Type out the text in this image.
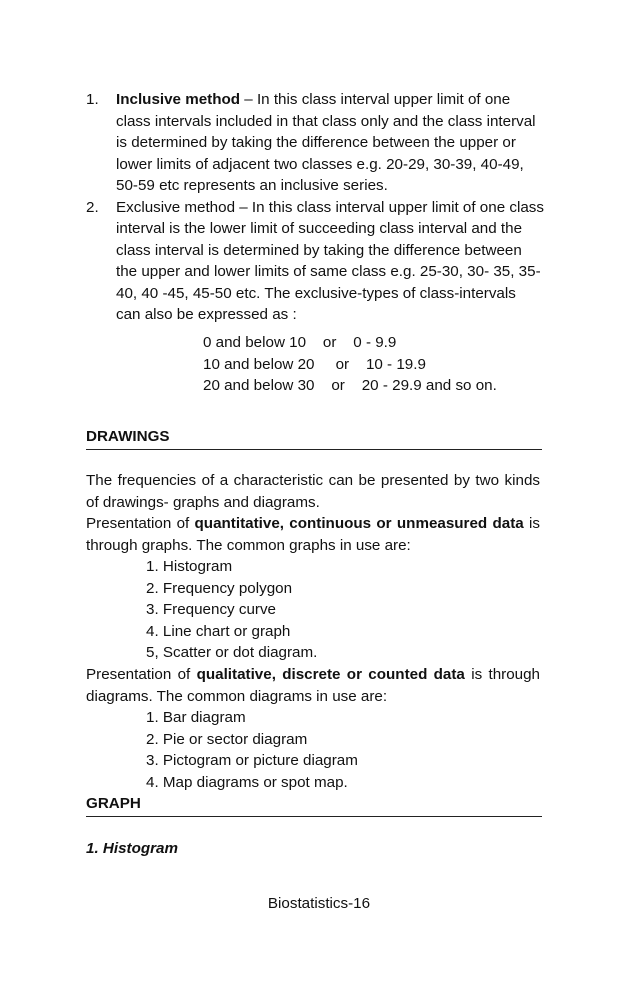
1.	Inclusive method – In this class interval upper limit of one class intervals included in that class only and the class interval is determined by taking the difference between the upper or lower limits of adjacent two classes e.g. 20-29, 30-39, 40-49, 50-59 etc represents an inclusive series.
2.	Exclusive method – In this class interval upper limit of one class interval is the lower limit of succeeding class interval and the class interval is determined by taking the difference between the upper and lower limits of same class e.g. 25-30, 30- 35, 35-40, 40 -45, 45-50 etc. The exclusive-types of class-intervals can also be expressed as :
0 and below 10    or    0 - 9.9
10 and below 20     or    10 - 19.9
20 and below 30    or    20 - 29.9 and so on.
DRAWINGS
The frequencies of a characteristic can be presented by two kinds of drawings- graphs and diagrams.
Presentation of quantitative, continuous or unmeasured data is through graphs. The common graphs in use are:
1. Histogram
2. Frequency polygon
3. Frequency curve
4. Line chart or graph
5, Scatter or dot diagram.
Presentation of qualitative, discrete or counted data is through diagrams. The common diagrams in use are:
1. Bar diagram
2. Pie or sector diagram
3. Pictogram or picture diagram
4. Map diagrams or spot map.
GRAPH
1. Histogram
Biostatistics-16
